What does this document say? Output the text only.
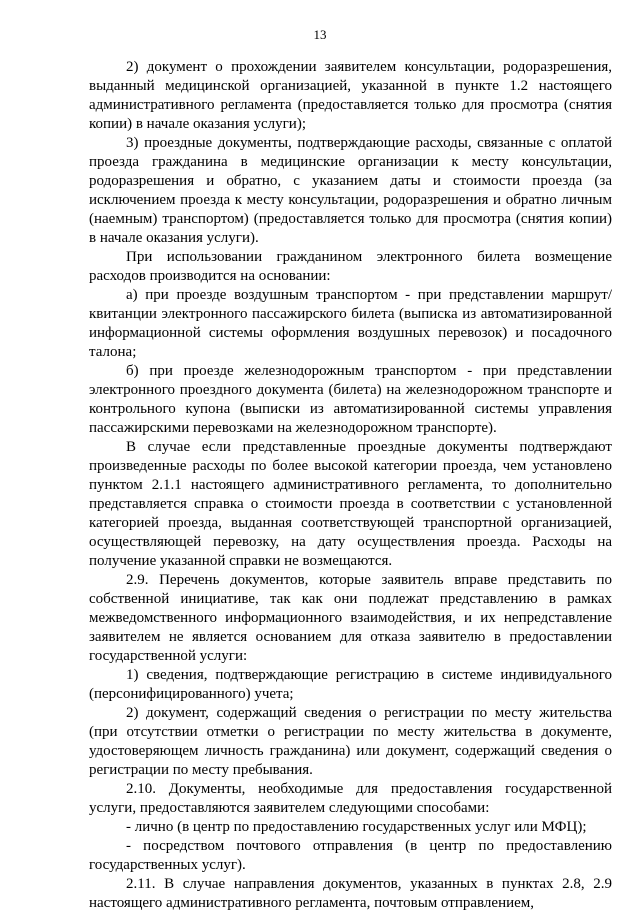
13

2) документ о прохождении заявителем консультации, родоразрешения, выданный медицинской организацией, указанной в пункте 1.2 настоящего административного регламента (предоставляется только для просмотра (снятия копии) в начале оказания услуги);

3) проездные документы, подтверждающие расходы, связанные с оплатой проезда гражданина в медицинские организации к месту консультации, родоразрешения и обратно, с указанием даты и стоимости проезда (за исключением проезда к месту консультации, родоразрешения и обратно личным (наемным) транспортом) (предоставляется только для просмотра (снятия копии) в начале оказания услуги).

При использовании гражданином электронного билета возмещение расходов производится на основании:

а) при проезде воздушным транспортом - при представлении маршрут/квитанции электронного пассажирского билета (выписка из автоматизированной информационной системы оформления воздушных перевозок) и посадочного талона;

б) при проезде железнодорожным транспортом - при представлении электронного проездного документа (билета) на железнодорожном транспорте и контрольного купона (выписки из автоматизированной системы управления пассажирскими перевозками на железнодорожном транспорте).

В случае если представленные проездные документы подтверждают произведенные расходы по более высокой категории проезда, чем установлено пунктом 2.1.1 настоящего административного регламента, то дополнительно представляется справка о стоимости проезда в соответствии с установленной категорией проезда, выданная соответствующей транспортной организацией, осуществляющей перевозку, на дату осуществления проезда. Расходы на получение указанной справки не возмещаются.

2.9. Перечень документов, которые заявитель вправе представить по собственной инициативе, так как они подлежат представлению в рамках межведомственного информационного взаимодействия, и их непредставление заявителем не является основанием для отказа заявителю в предоставлении государственной услуги:

1) сведения, подтверждающие регистрацию в системе индивидуального (персонифицированного) учета;

2) документ, содержащий сведения о регистрации по месту жительства (при отсутствии отметки о регистрации по месту жительства в документе, удостоверяющем личность гражданина) или документ, содержащий сведения о регистрации по месту пребывания.

2.10. Документы, необходимые для предоставления государственной услуги, предоставляются заявителем следующими способами:

- лично (в центр по предоставлению государственных услуг или МФЦ);

- посредством почтового отправления (в центр по предоставлению государственных услуг).

2.11. В случае направления документов, указанных в пунктах 2.8, 2.9 настоящего административного регламента, почтовым отправлением,
